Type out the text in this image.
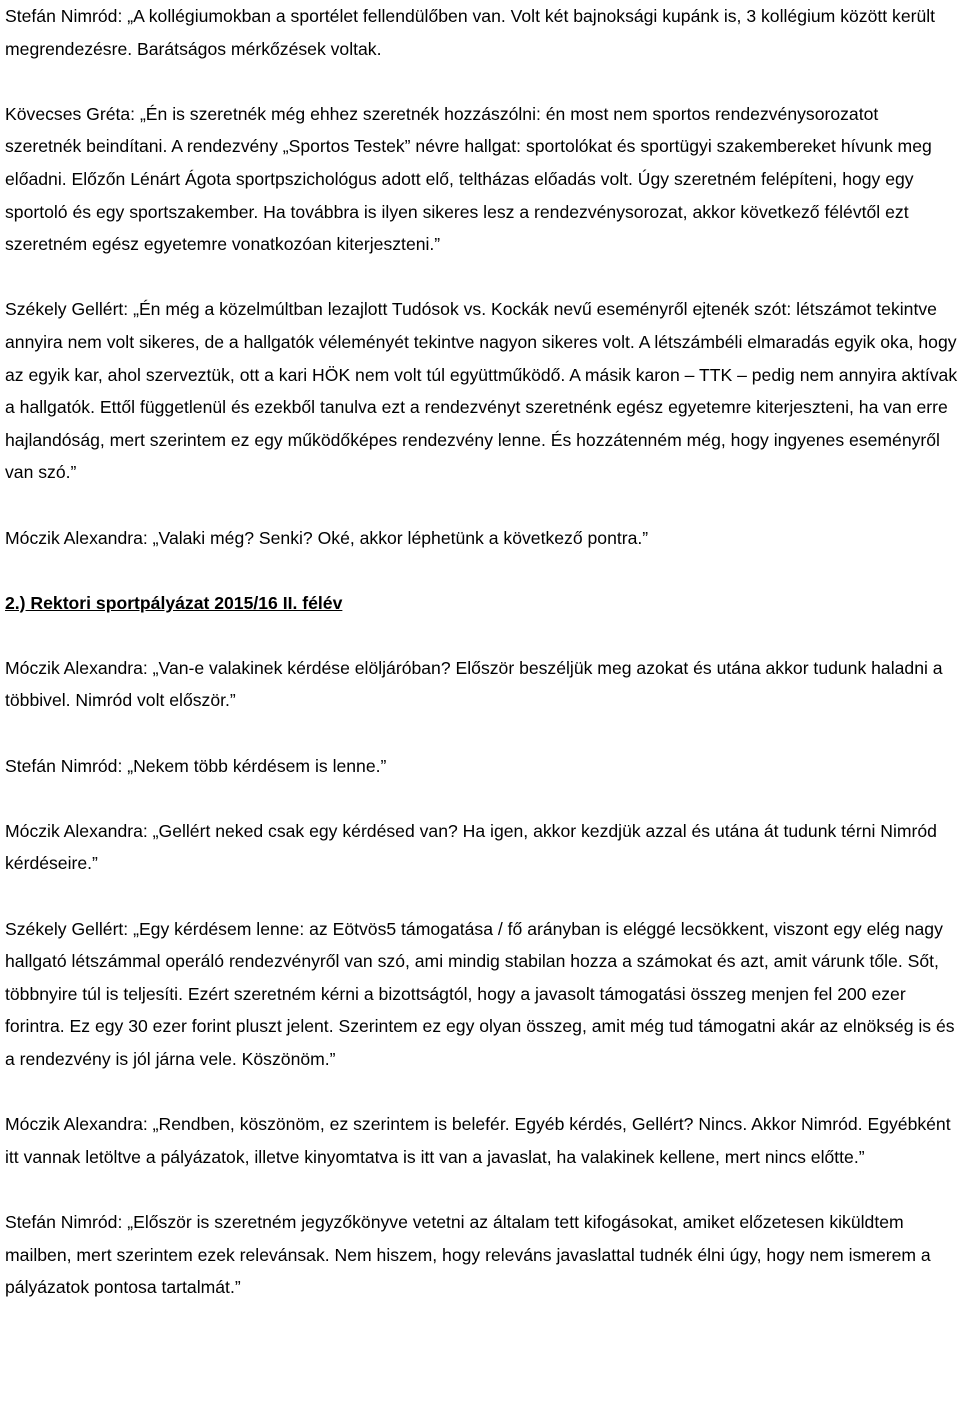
Stefán Nimród: „A kollégiumokban a sportélet fellendülőben van. Volt két bajnoksági kupánk is, 3 kollégium között került megrendezésre. Barátságos mérkőzések voltak.

Kövecses Gréta: „Én is szeretnék még ehhez szeretnék hozzászólni: én most nem sportos rendezvénysorozatot szeretnék beindítani. A rendezvény „Sportos Testek” névre hallgat: sportolókat és sportügyi szakembereket hívunk meg előadni. Előzőn Lénárt Ágota sportpszichológus adott elő, teltházas előadás volt. Úgy szeretném felépíteni, hogy egy sportoló és egy sportszakember. Ha továbbra is ilyen sikeres lesz a rendezvénysorozat, akkor következő félévtől ezt szeretném egész egyetemre vonatkozóan kiterjeszteni.”

Székely Gellért: „Én még a közelmúltban lezajlott Tudósok vs. Kockák nevű eseményről ejtenék szót: létszámot tekintve annyira nem volt sikeres, de a hallgatók véleményét tekintve nagyon sikeres volt. A létszámbéli elmaradás egyik oka, hogy az egyik kar, ahol szerveztük, ott a kari HÖK nem volt túl együttműködő. A másik karon – TTK – pedig nem annyira aktívak a hallgatók. Ettől függetlenül és ezekből tanulva ezt a rendezvényt szeretnénk egész egyetemre kiterjeszteni, ha van erre hajlandóság, mert szerintem ez egy működőképes rendezvény lenne. És hozzátenném még, hogy ingyenes eseményről van szó.”

Móczik Alexandra: „Valaki még? Senki? Oké, akkor léphetünk a következő pontra.”

2.) Rektori sportpályázat 2015/16 II. félév

Móczik Alexandra: „Van-e valakinek kérdése elöljáróban? Először beszéljük meg azokat és utána akkor tudunk haladni a többivel. Nimród volt először.”

Stefán Nimród: „Nekem több kérdésem is lenne.”

Móczik Alexandra: „Gellért neked csak egy kérdésed van? Ha igen, akkor kezdjük azzal és utána át tudunk térni Nimród kérdéseire.”

Székely Gellért: „Egy kérdésem lenne: az Eötvös5 támogatása / fő arányban is eléggé lecsökkent, viszont egy elég nagy hallgató létszámmal operáló rendezvényről van szó, ami mindig stabilan hozza a számokat és azt, amit várunk tőle. Sőt, többnyire túl is teljesíti. Ezért szeretném kérni a bizottságtól, hogy a javasolt támogatási összeg menjen fel 200 ezer forintra. Ez egy 30 ezer forint pluszt jelent. Szerintem ez egy olyan összeg, amit még tud támogatni akár az elnökség is és a rendezvény is jól járna vele. Köszönöm.”

Móczik Alexandra: „Rendben, köszönöm, ez szerintem is belefér. Egyéb kérdés, Gellért? Nincs. Akkor Nimród. Egyébként itt vannak letöltve a pályázatok, illetve kinyomtatva is itt van a javaslat, ha valakinek kellene, mert nincs előtte.”

Stefán Nimród: „Először is szeretném jegyzőkönyve vetetni az általam tett kifogásokat, amiket előzetesen kiküldtem mailben, mert szerintem ezek relevánsak. Nem hiszem, hogy releváns javaslattal tudnék élni úgy, hogy nem ismerem a pályázatok pontosa tartalmát.”
